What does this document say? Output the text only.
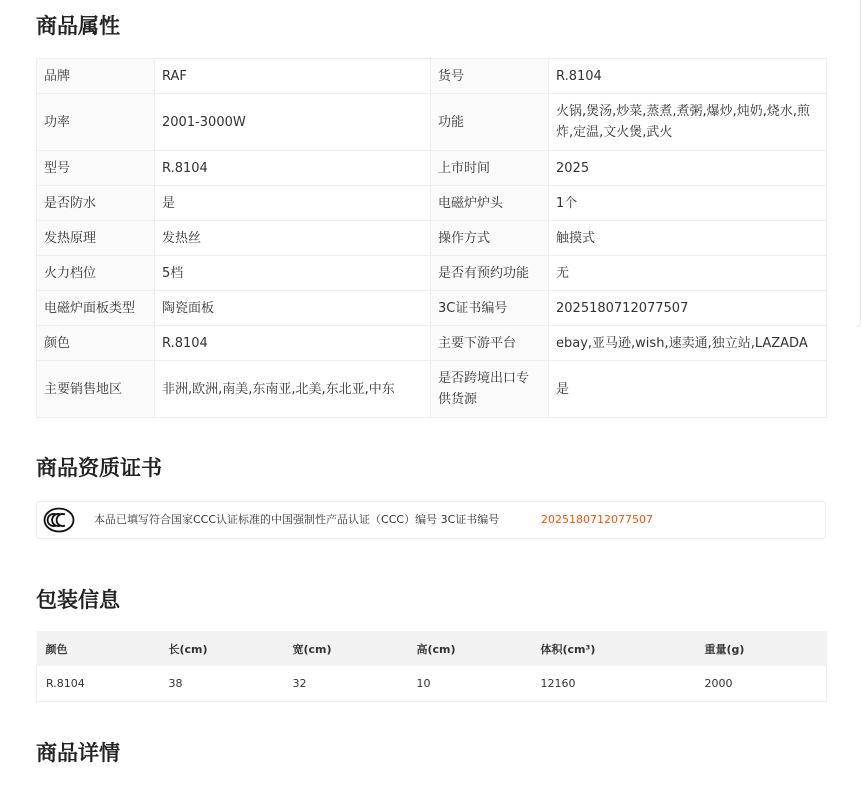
商品属性
品牌	RAF	货号	R.8104
功率	2001-3000W	功能	火锅,煲汤,炒菜,蒸煮,煮粥,爆炒,炖奶,烧水,煎炸,定温,文火煲,武火
型号	R.8104	上市时间	2025
是否防水	是	电磁炉炉头	1个
发热原理	发热丝	操作方式	触摸式
火力档位	5档	是否有预约功能	无
电磁炉面板类型	陶瓷面板	3C证书编号	2025180712077507
颜色	R.8104	主要下游平台	ebay,亚马逊,wish,速卖通,独立站,LAZADA
主要销售地区	非洲,欧洲,南美,东南亚,北美,东北亚,中东	是否跨境出口专供货源	是
商品资质证书
本品已填写符合国家CCC认证标准的中国强制性产品认证（CCC）编号 3C证书编号	2025180712077507
包装信息
颜色	长(cm)	宽(cm)	高(cm)	体积(cm³)	重量(g)
R.8104	38	32	10	12160	2000
商品详情
